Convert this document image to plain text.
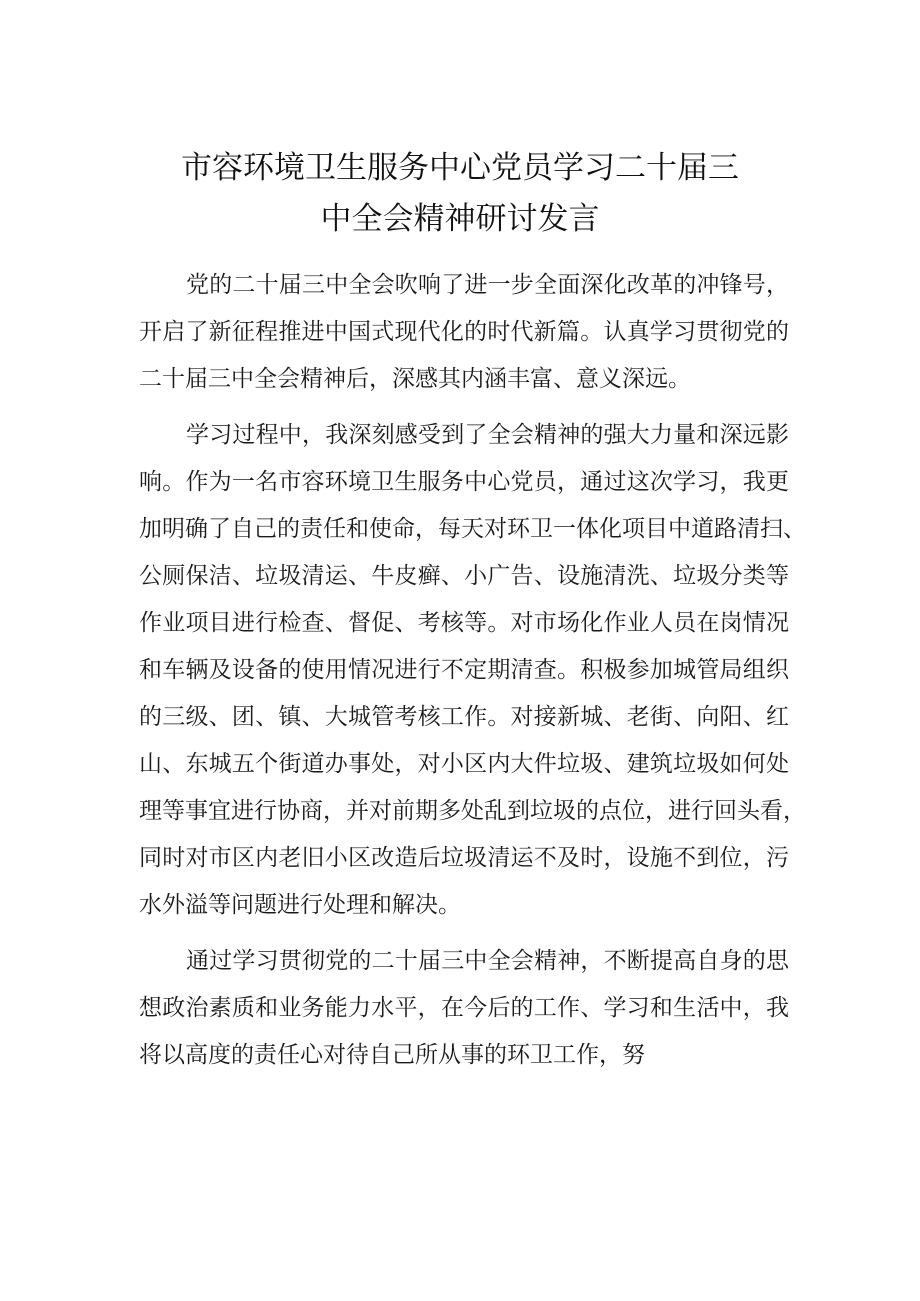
市容环境卫生服务中心党员学习二十届三
中全会精神研讨发言
党的二十届三中全会吹响了进一步全面深化改革的冲锋号，
开启了新征程推进中国式现代化的时代新篇。认真学习贯彻党的
二十届三中全会精神后，深感其内涵丰富、意义深远。
学习过程中，我深刻感受到了全会精神的强大力量和深远影
响。作为一名市容环境卫生服务中心党员，通过这次学习，我更
加明确了自己的责任和使命，每天对环卫一体化项目中道路清扫、
公厕保洁、垃圾清运、牛皮癣、小广告、设施清洗、垃圾分类等
作业项目进行检查、督促、考核等。对市场化作业人员在岗情况
和车辆及设备的使用情况进行不定期清查。积极参加城管局组织
的三级、团、镇、大城管考核工作。对接新城、老街、向阳、红
山、东城五个街道办事处，对小区内大件垃圾、建筑垃圾如何处
理等事宜进行协商，并对前期多处乱到垃圾的点位，进行回头看，
同时对市区内老旧小区改造后垃圾清运不及时，设施不到位，污
水外溢等问题进行处理和解决。
通过学习贯彻党的二十届三中全会精神，不断提高自身的思
想政治素质和业务能力水平，在今后的工作、学习和生活中，我
将以高度的责任心对待自己所从事的环卫工作，努
